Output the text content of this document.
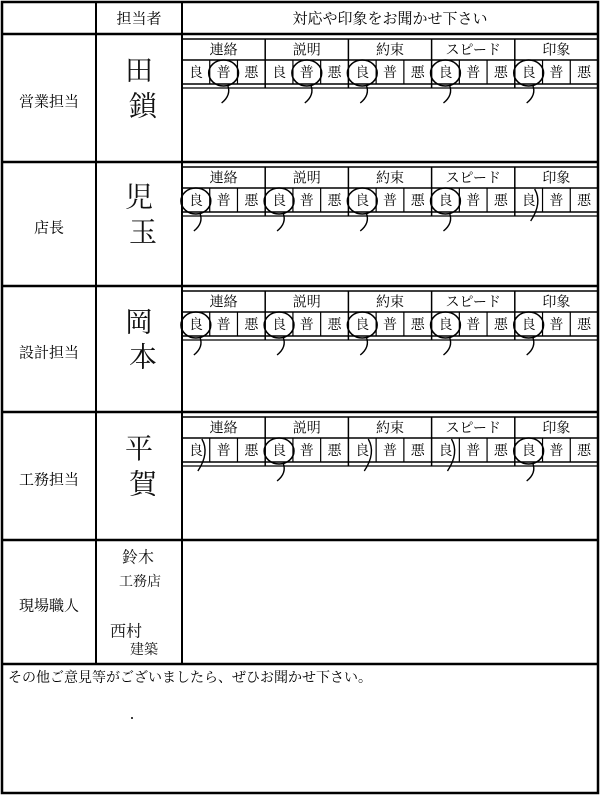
担当者	対応や印象をお聞かせ下さい
営業担当
田
鎖
連絡
良 普 悪
説明
良 普 悪
約束
良 普 悪
スピード
良 普 悪
印象
良 普 悪
店長
児
玉
連絡
良 普 悪
説明
良 普 悪
約束
良 普 悪
スピード
良 普 悪
印象
良 普 悪
設計担当
岡
本
連絡
良 普 悪
説明
良 普 悪
約束
良 普 悪
スピード
良 普 悪
印象
良 普 悪
工務担当
平
賀
連絡
良 普 悪
説明
良 普 悪
約束
良 普 悪
スピード
良 普 悪
印象
良 普 悪
現場職人
鈴木
工務店
西村
建築
その他ご意見等がございましたら、ぜひお聞かせ下さい。
